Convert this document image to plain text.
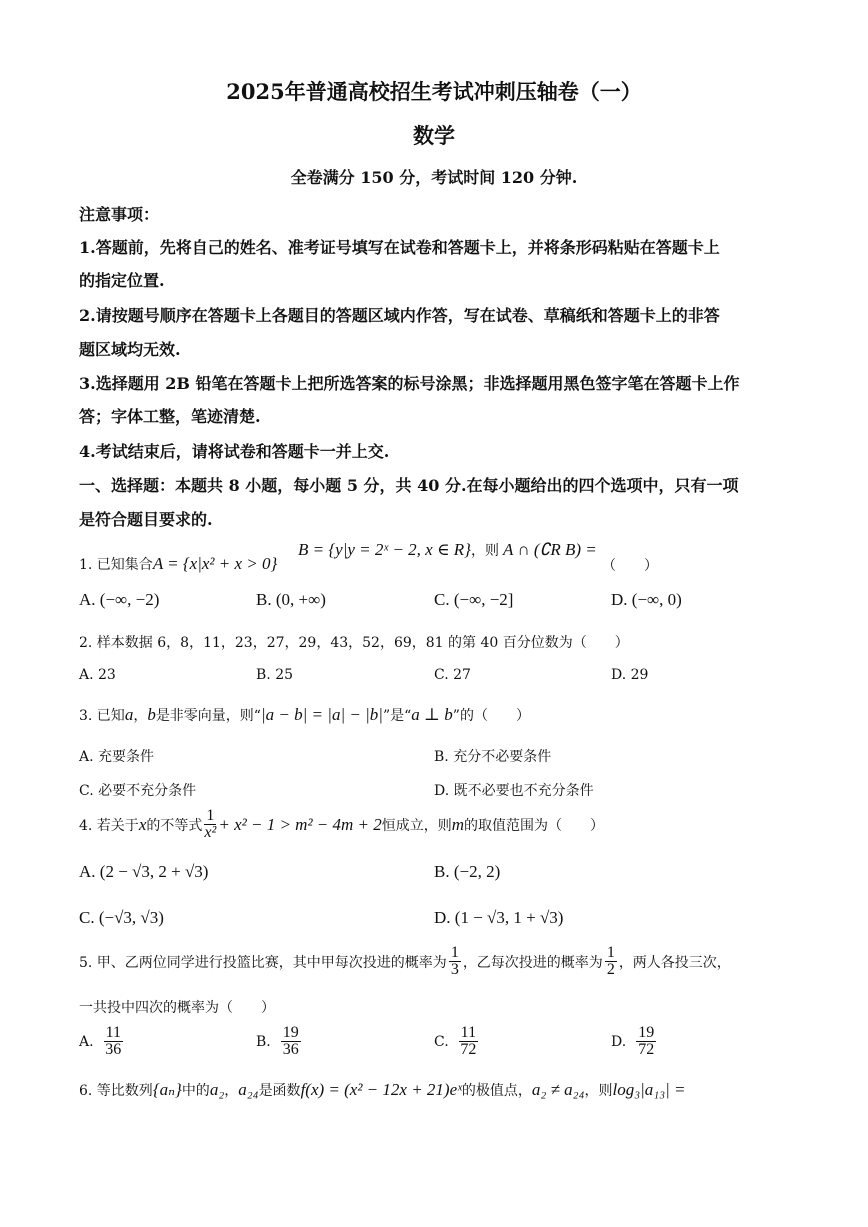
2025年普通高校招生考试冲刺压轴卷（一）
数学
全卷满分 150 分，考试时间 120 分钟.
注意事项：
1.答题前，先将自己的姓名、准考证号填写在试卷和答题卡上，并将条形码粘贴在答题卡上
的指定位置.
2.请按题号顺序在答题卡上各题目的答题区域内作答，写在试卷、草稿纸和答题卡上的非答
题区域均无效.
3.选择题用 2B 铅笔在答题卡上把所选答案的标号涂黑；非选择题用黑色签字笔在答题卡上作
答；字体工整，笔迹清楚.
4.考试结束后，请将试卷和答题卡一并上交.
一、选择题：本题共 8 小题，每小题 5 分，共 40 分.在每小题给出的四个选项中，只有一项
是符合题目要求的.
1. 已知集合A = {x|x² + x > 0}
B = {y|y = 2ˣ − 2, x ∈ R}，则 A ∩ (∁R B) =
（　　）
A. (−∞, −2)	B. (0, +∞)	C. (−∞, −2]	D. (−∞, 0)
2. 样本数据 6，8，11，23，27，29，43，52，69，81 的第 40 百分位数为（　　）
A. 23	B. 25	C. 27	D. 29
3. 已知a，b是非零向量，则“|a − b| = |a| − |b|”是“a ⊥ b”的（　　）
A. 充要条件	B. 充分不必要条件
C. 必要不充分条件	D. 既不必要也不充分条件
4. 若关于 x 的不等式 $\frac{1}{\text{x²}} + x^2 - 1 > m^2 - 4m + 2$ 恒成立，则 m 的取值范围为（　　）
A. (2 − √3, 2 + √3)	B. (−2, 2)
C. (−√3, √3)	D. (1 − √3, 1 + √3)
5. 甲、乙两位同学进行投篮比赛，其中甲每次投进的概率为 $\frac{1}{3}$ ，乙每次投进的概率为 $\frac{1}{2}$ ，两人各投三次，
一共投中四次的概率为（　　）
A. $\frac{11}{36}$	B. $\frac{19}{36}$	C. $\frac{11}{72}$	D. $\frac{19}{72}$
6. 等比数列{aₙ}中的a₂，a₂₄是函数f(x) = (x² − 12x + 21)eˣ的极值点，a₂ ≠ a₂₄，则log₃|a₁₃| =
